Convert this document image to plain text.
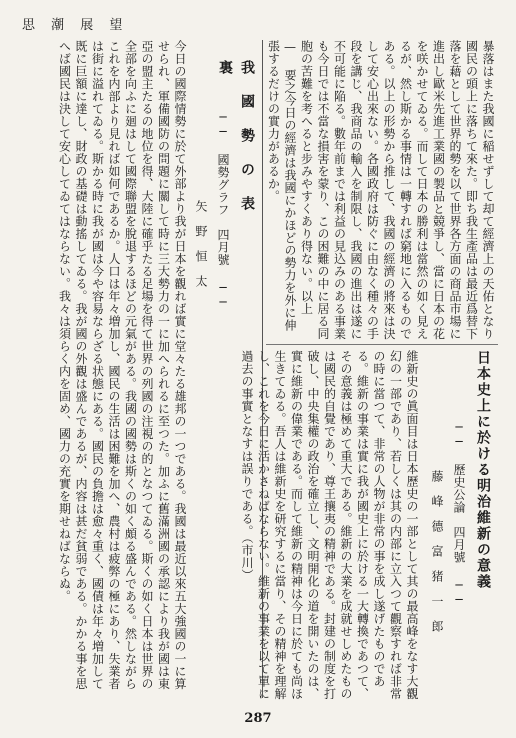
思 潮 展 望
暴落はまた我國に稲せずして却て經濟上の天佑となり國民の頭上に落ちて來た。即ち我生產品は最近爲替下落を藉として世界的勢を以て世界各方面の商品市場に進出し歐米先進工業國の製品と競爭し、當に日本の花を咲かせてゐる。而して日本の勝利は當然の如く見えるが、然し斯かる事情は一轉すれば窮地に入るものである。以上の形勢から推して、我國の經濟の將來は決して安心出來ない。各國政府は防ぐに由なく種々の手段を講じ、我商品の輸入を制限し、我國の進出は遂に不可能に陥る。數年前までは利益の見込みのある事業も今日では不當な損害を蒙り、この困難の中に居る同胞の苦難を考へると步みやすくあり得ない。以上 — 要之今日の經濟は我國にかほどの勢力を外に伸張するだけの實力があるか。
我 國 勢 の 表 裏
── 國勢グラフ　四月號 ──
矢　野　恒　太
今日の國際情勢に於て外部より我が日本を觀れば實に堂々たる雄邦の一つである。我國は最近以來五大強國の一に算せられ、軍備國防の問題に關して時に三大勢力の一に加へられるに至つた。加ふに舊滿洲國の承認により我が國は東亞の盟主たるの地位を得、大陸に確乎たる足場を得て世界の列國の注視の的となつてゐる。斯くの如く日本は世界の全部を向ふに廻はして國際聯盟を脫退するほどの元氣がある。我國の國勢は斯くの如く頗る盛んである。然しながらこれを内部より見れば如何であるか。人口は年々増加し、國民の生活は困難を加へ、農村は疲弊の極にあり、失業者は街に溢れてゐる。斯かる時に我が國は今や容易ならざる状態にある。國民の負擔は愈々重く、國債は年々増加して既に巨額に達し、財政の基礎は動搖してゐる。我が國の外觀は盛んであるが、内容は甚だ貧弱である。かかる事を思へば國民は決して安心してゐてはならない。我々は須らく内を固め、國力の充實を期せねばならぬ。	日本史上に於ける明治維新の意義
── 歷史公論　四月號 ──
藤　峰　德　富　猪　一　郎
維新史の眞面目は日本歷史の一部として其の最高峰をなす大觀幻の一部であり、若しくは其の内部に立入つて觀察すれば非常の時に當つて、非常の人物が非常の事を成し遂げたものである。維新の事業は實に我が國史上に於ける一大轉換であつて、その意義は極めて重大である。維新の大業を成就せしめたものは國民的自覺であり、尊王攘夷の精神である。封建の制度を打破し、中央集權の政治を確立し、文明開化の道を開いたのは、實に維新の偉業である。而して維新の精神は今日に於ても尚ほ生きてゐる。吾人は維新史を研究するに當り、その精神を理解し、これを今日に活かさねばならない。維新の事業を以て單に過去の事實となすは誤りである。（市川）
287
